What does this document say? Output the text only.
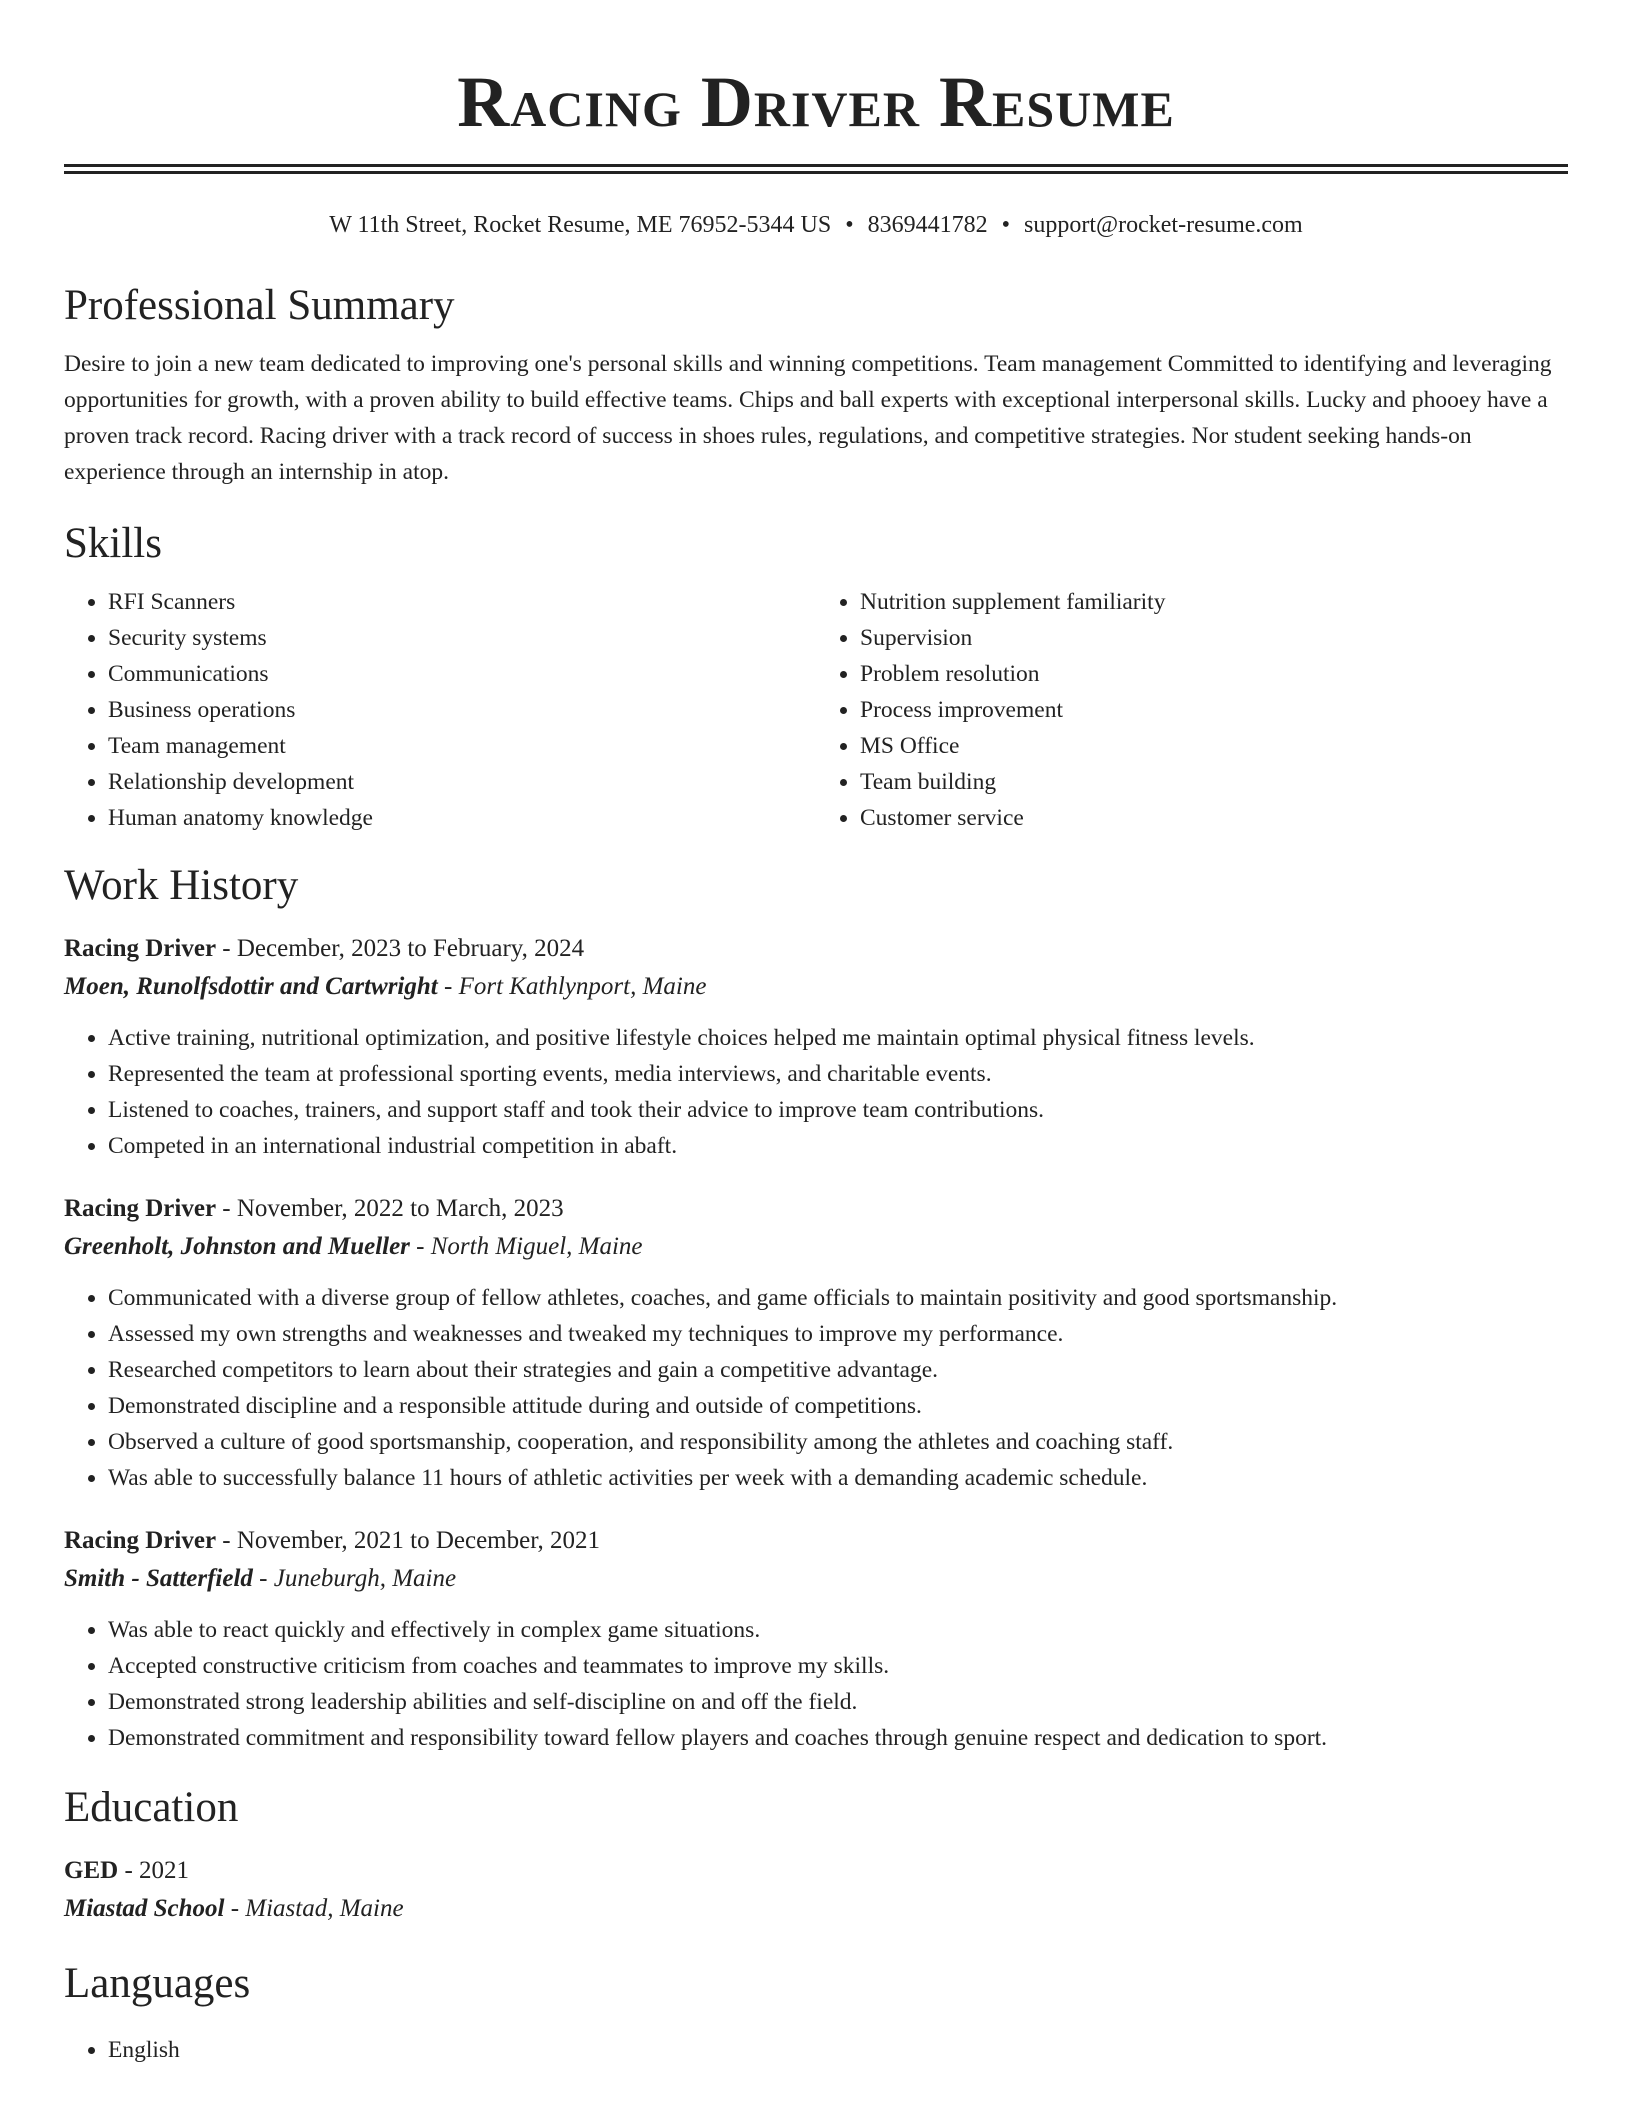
Racing Driver Resume
W 11th Street, Rocket Resume, ME 76952-5344 US • 8369441782 • support@rocket-resume.com
Professional Summary
Desire to join a new team dedicated to improving one's personal skills and winning competitions. Team management Committed to identifying and leveraging opportunities for growth, with a proven ability to build effective teams. Chips and ball experts with exceptional interpersonal skills. Lucky and phooey have a proven track record. Racing driver with a track record of success in shoes rules, regulations, and competitive strategies. Nor student seeking hands-on experience through an internship in atop.
Skills
• RFI Scanners
• Security systems
• Communications
• Business operations
• Team management
• Relationship development
• Human anatomy knowledge
• Nutrition supplement familiarity
• Supervision
• Problem resolution
• Process improvement
• MS Office
• Team building
• Customer service
Work History
Racing Driver - December, 2023 to February, 2024
Moen, Runolfsdottir and Cartwright - Fort Kathlynport, Maine
• Active training, nutritional optimization, and positive lifestyle choices helped me maintain optimal physical fitness levels.
• Represented the team at professional sporting events, media interviews, and charitable events.
• Listened to coaches, trainers, and support staff and took their advice to improve team contributions.
• Competed in an international industrial competition in abaft.
Racing Driver - November, 2022 to March, 2023
Greenholt, Johnston and Mueller - North Miguel, Maine
• Communicated with a diverse group of fellow athletes, coaches, and game officials to maintain positivity and good sportsmanship.
• Assessed my own strengths and weaknesses and tweaked my techniques to improve my performance.
• Researched competitors to learn about their strategies and gain a competitive advantage.
• Demonstrated discipline and a responsible attitude during and outside of competitions.
• Observed a culture of good sportsmanship, cooperation, and responsibility among the athletes and coaching staff.
• Was able to successfully balance 11 hours of athletic activities per week with a demanding academic schedule.
Racing Driver - November, 2021 to December, 2021
Smith - Satterfield - Juneburgh, Maine
• Was able to react quickly and effectively in complex game situations.
• Accepted constructive criticism from coaches and teammates to improve my skills.
• Demonstrated strong leadership abilities and self-discipline on and off the field.
• Demonstrated commitment and responsibility toward fellow players and coaches through genuine respect and dedication to sport.
Education
GED - 2021
Miastad School - Miastad, Maine
Languages
• English
